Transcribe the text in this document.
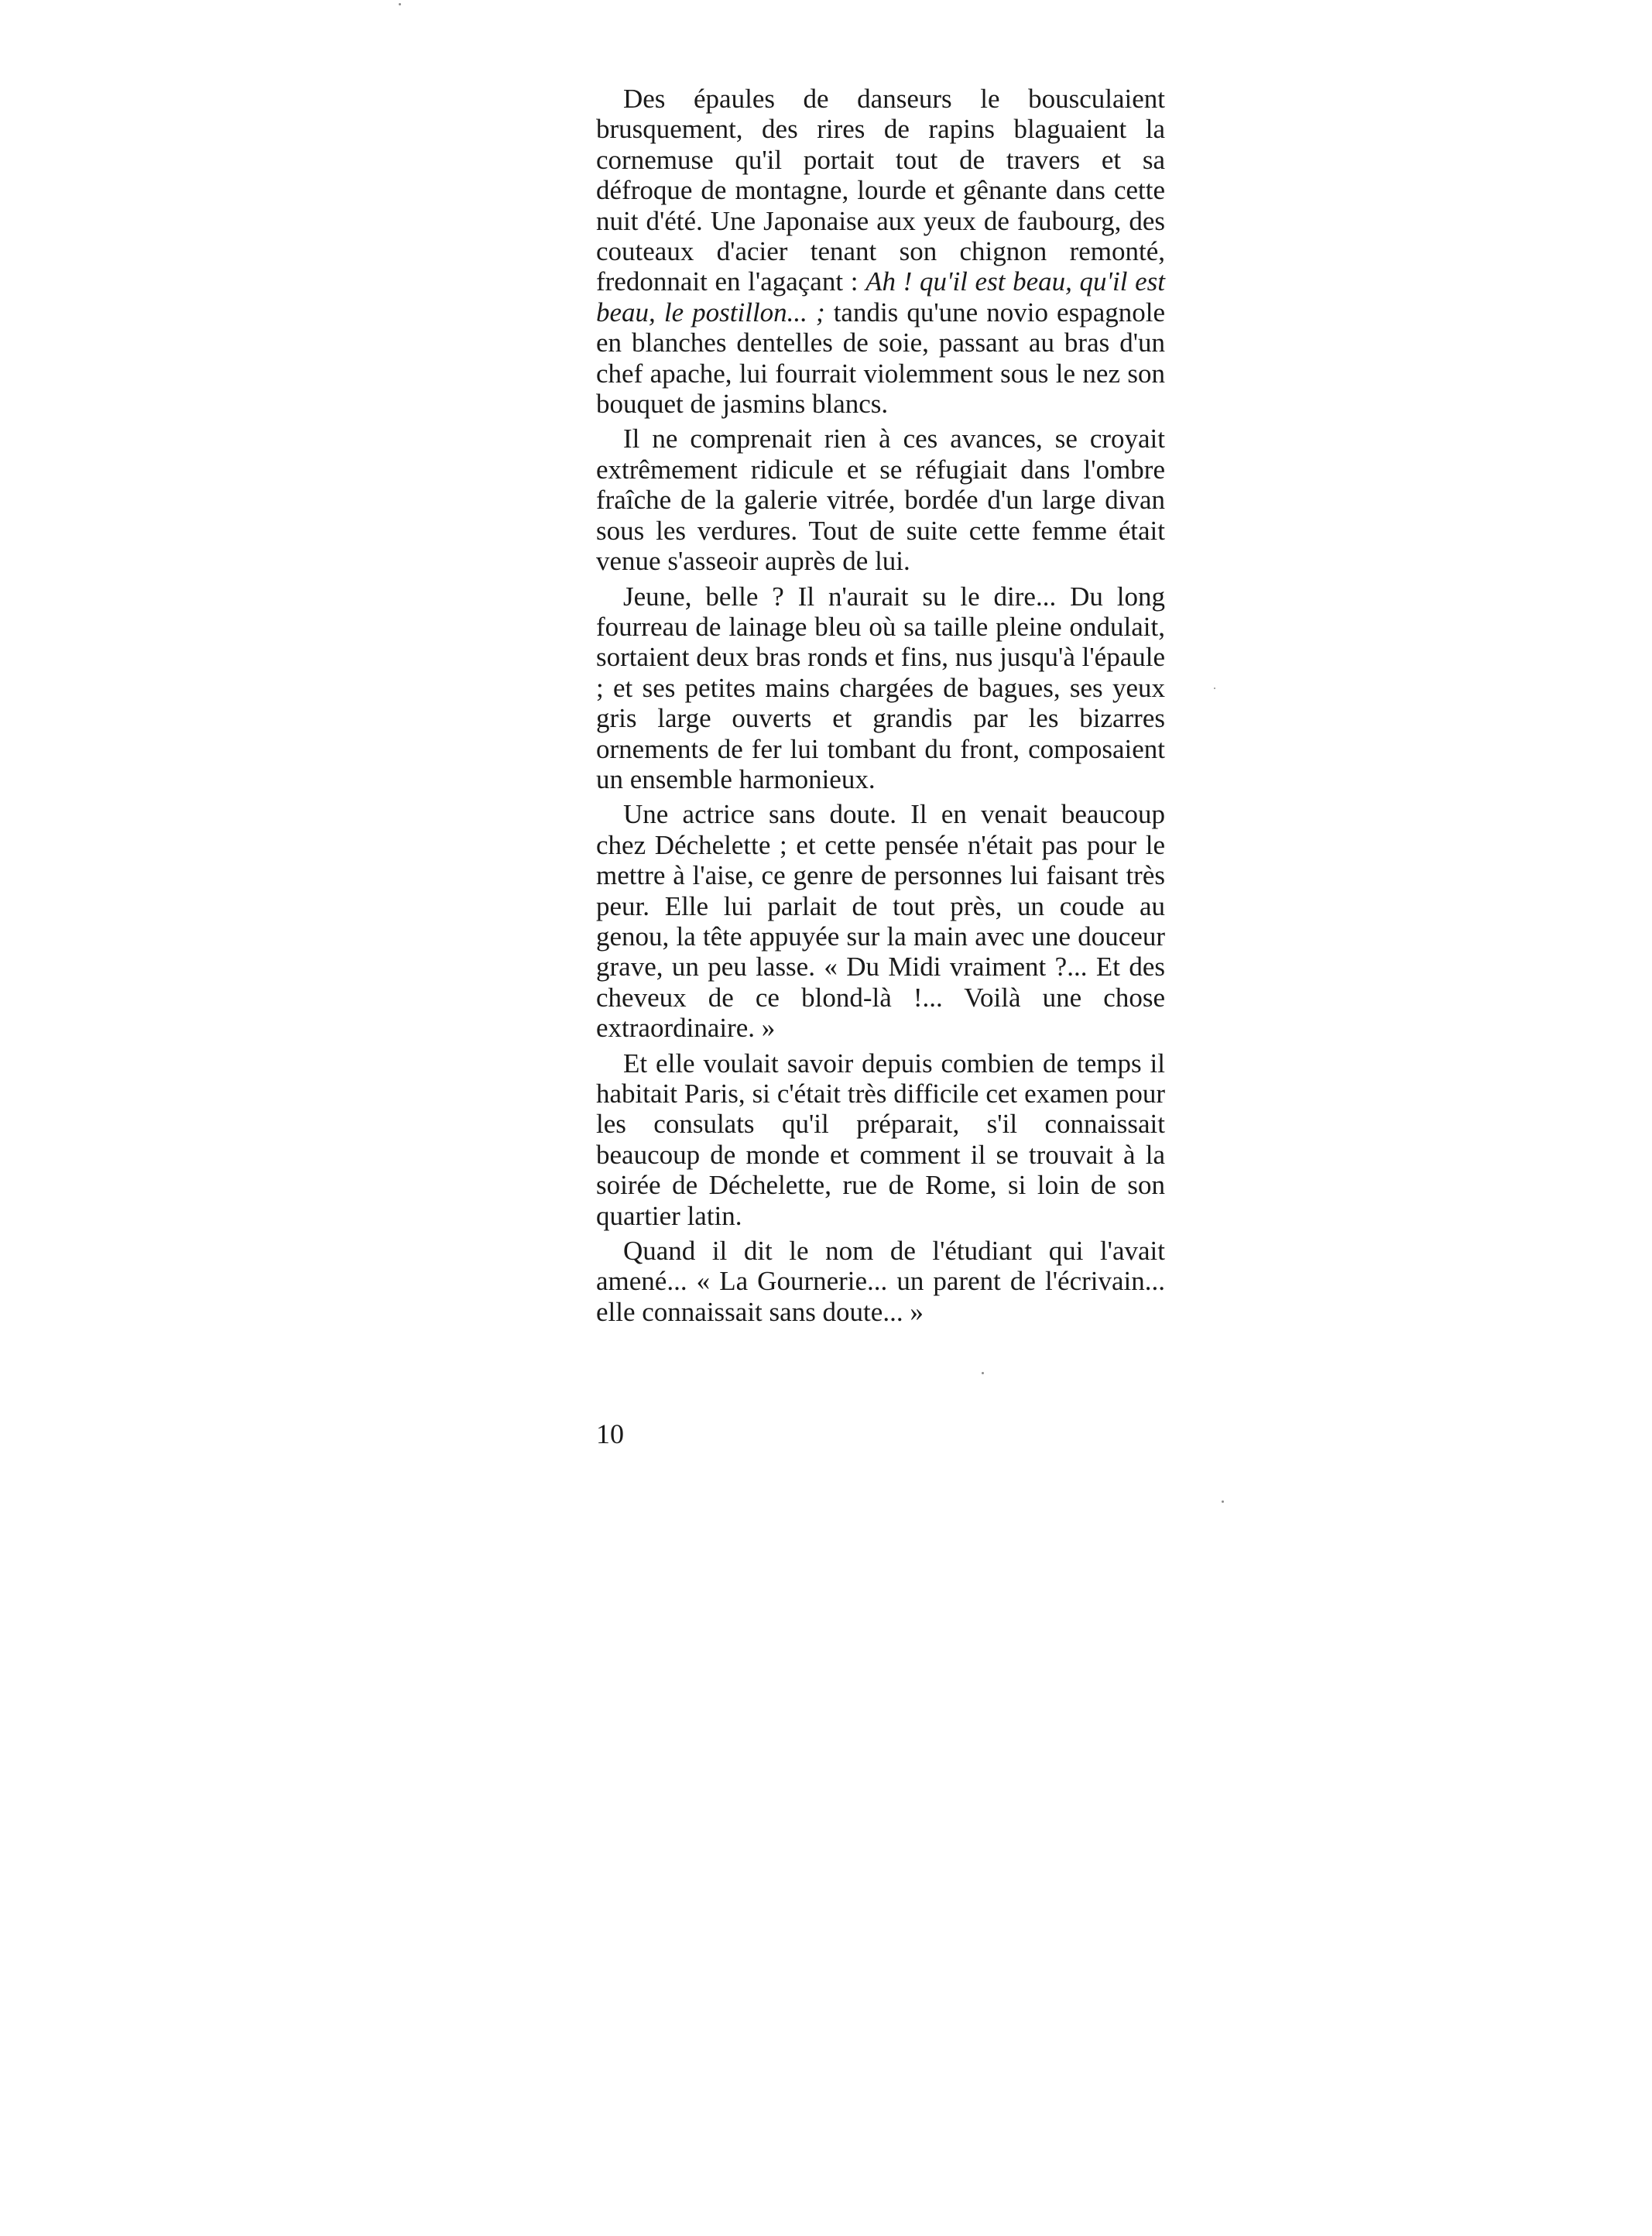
Des épaules de danseurs le bousculaient brusquement, des rires de rapins blaguaient la cornemuse qu'il portait tout de travers et sa défroque de montagne, lourde et gênante dans cette nuit d'été. Une Japonaise aux yeux de faubourg, des couteaux d'acier tenant son chignon remonté, fredonnait en l'agaçant : Ah ! qu'il est beau, qu'il est beau, le postillon... ; tandis qu'une novio espagnole en blanches dentelles de soie, passant au bras d'un chef apache, lui fourrait violemment sous le nez son bouquet de jasmins blancs.

Il ne comprenait rien à ces avances, se croyait extrêmement ridicule et se réfugiait dans l'ombre fraîche de la galerie vitrée, bordée d'un large divan sous les verdures. Tout de suite cette femme était venue s'asseoir auprès de lui.

Jeune, belle ? Il n'aurait su le dire... Du long fourreau de lainage bleu où sa taille pleine ondulait, sortaient deux bras ronds et fins, nus jusqu'à l'épaule ; et ses petites mains chargées de bagues, ses yeux gris large ouverts et grandis par les bizarres ornements de fer lui tombant du front, composaient un ensemble harmonieux.

Une actrice sans doute. Il en venait beaucoup chez Déchelette ; et cette pensée n'était pas pour le mettre à l'aise, ce genre de personnes lui faisant très peur. Elle lui parlait de tout près, un coude au genou, la tête appuyée sur la main avec une douceur grave, un peu lasse. « Du Midi vraiment ?... Et des cheveux de ce blond-là !... Voilà une chose extraordinaire. »

Et elle voulait savoir depuis combien de temps il habitait Paris, si c'était très difficile cet examen pour les consulats qu'il préparait, s'il connaissait beaucoup de monde et comment il se trouvait à la soirée de Déchelette, rue de Rome, si loin de son quartier latin.

Quand il dit le nom de l'étudiant qui l'avait amené... « La Gournerie... un parent de l'écrivain... elle connaissait sans doute... »

10
